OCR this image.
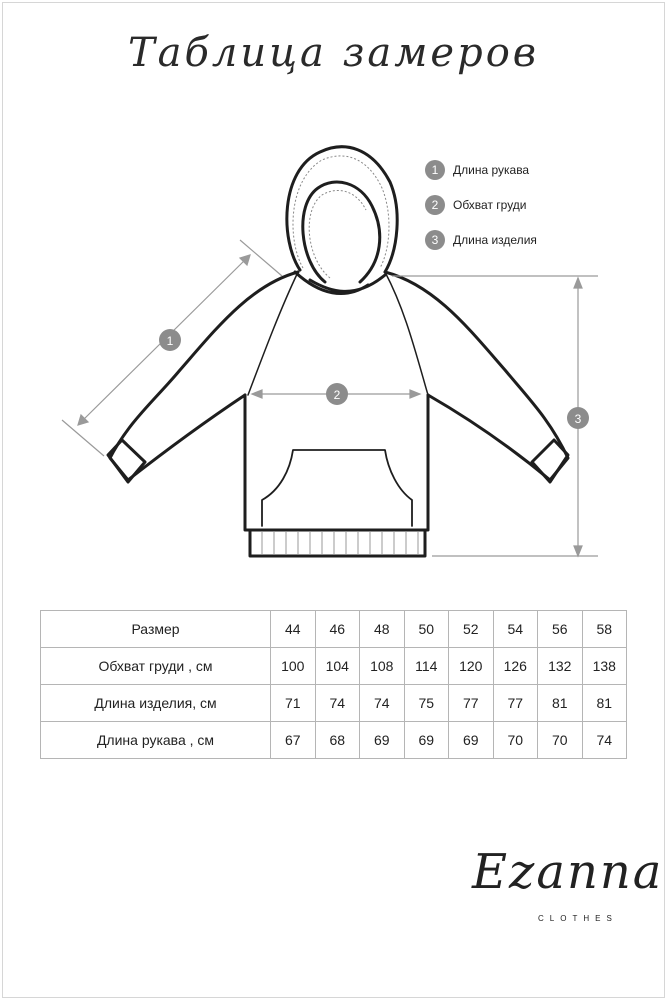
Таблица замеров
1
2
3
1	Длина рукава
2	Обхват груди
3	Длина изделия
Размер	44	46	48	50	52	54	56	58
Обхват груди , см	100	104	108	114	120	126	132	138
Длина изделия, см	71	74	74	75	77	77	81	81
Длина рукава , см	67	68	69	69	69	70	70	74
Ezanna
CLOTHES
